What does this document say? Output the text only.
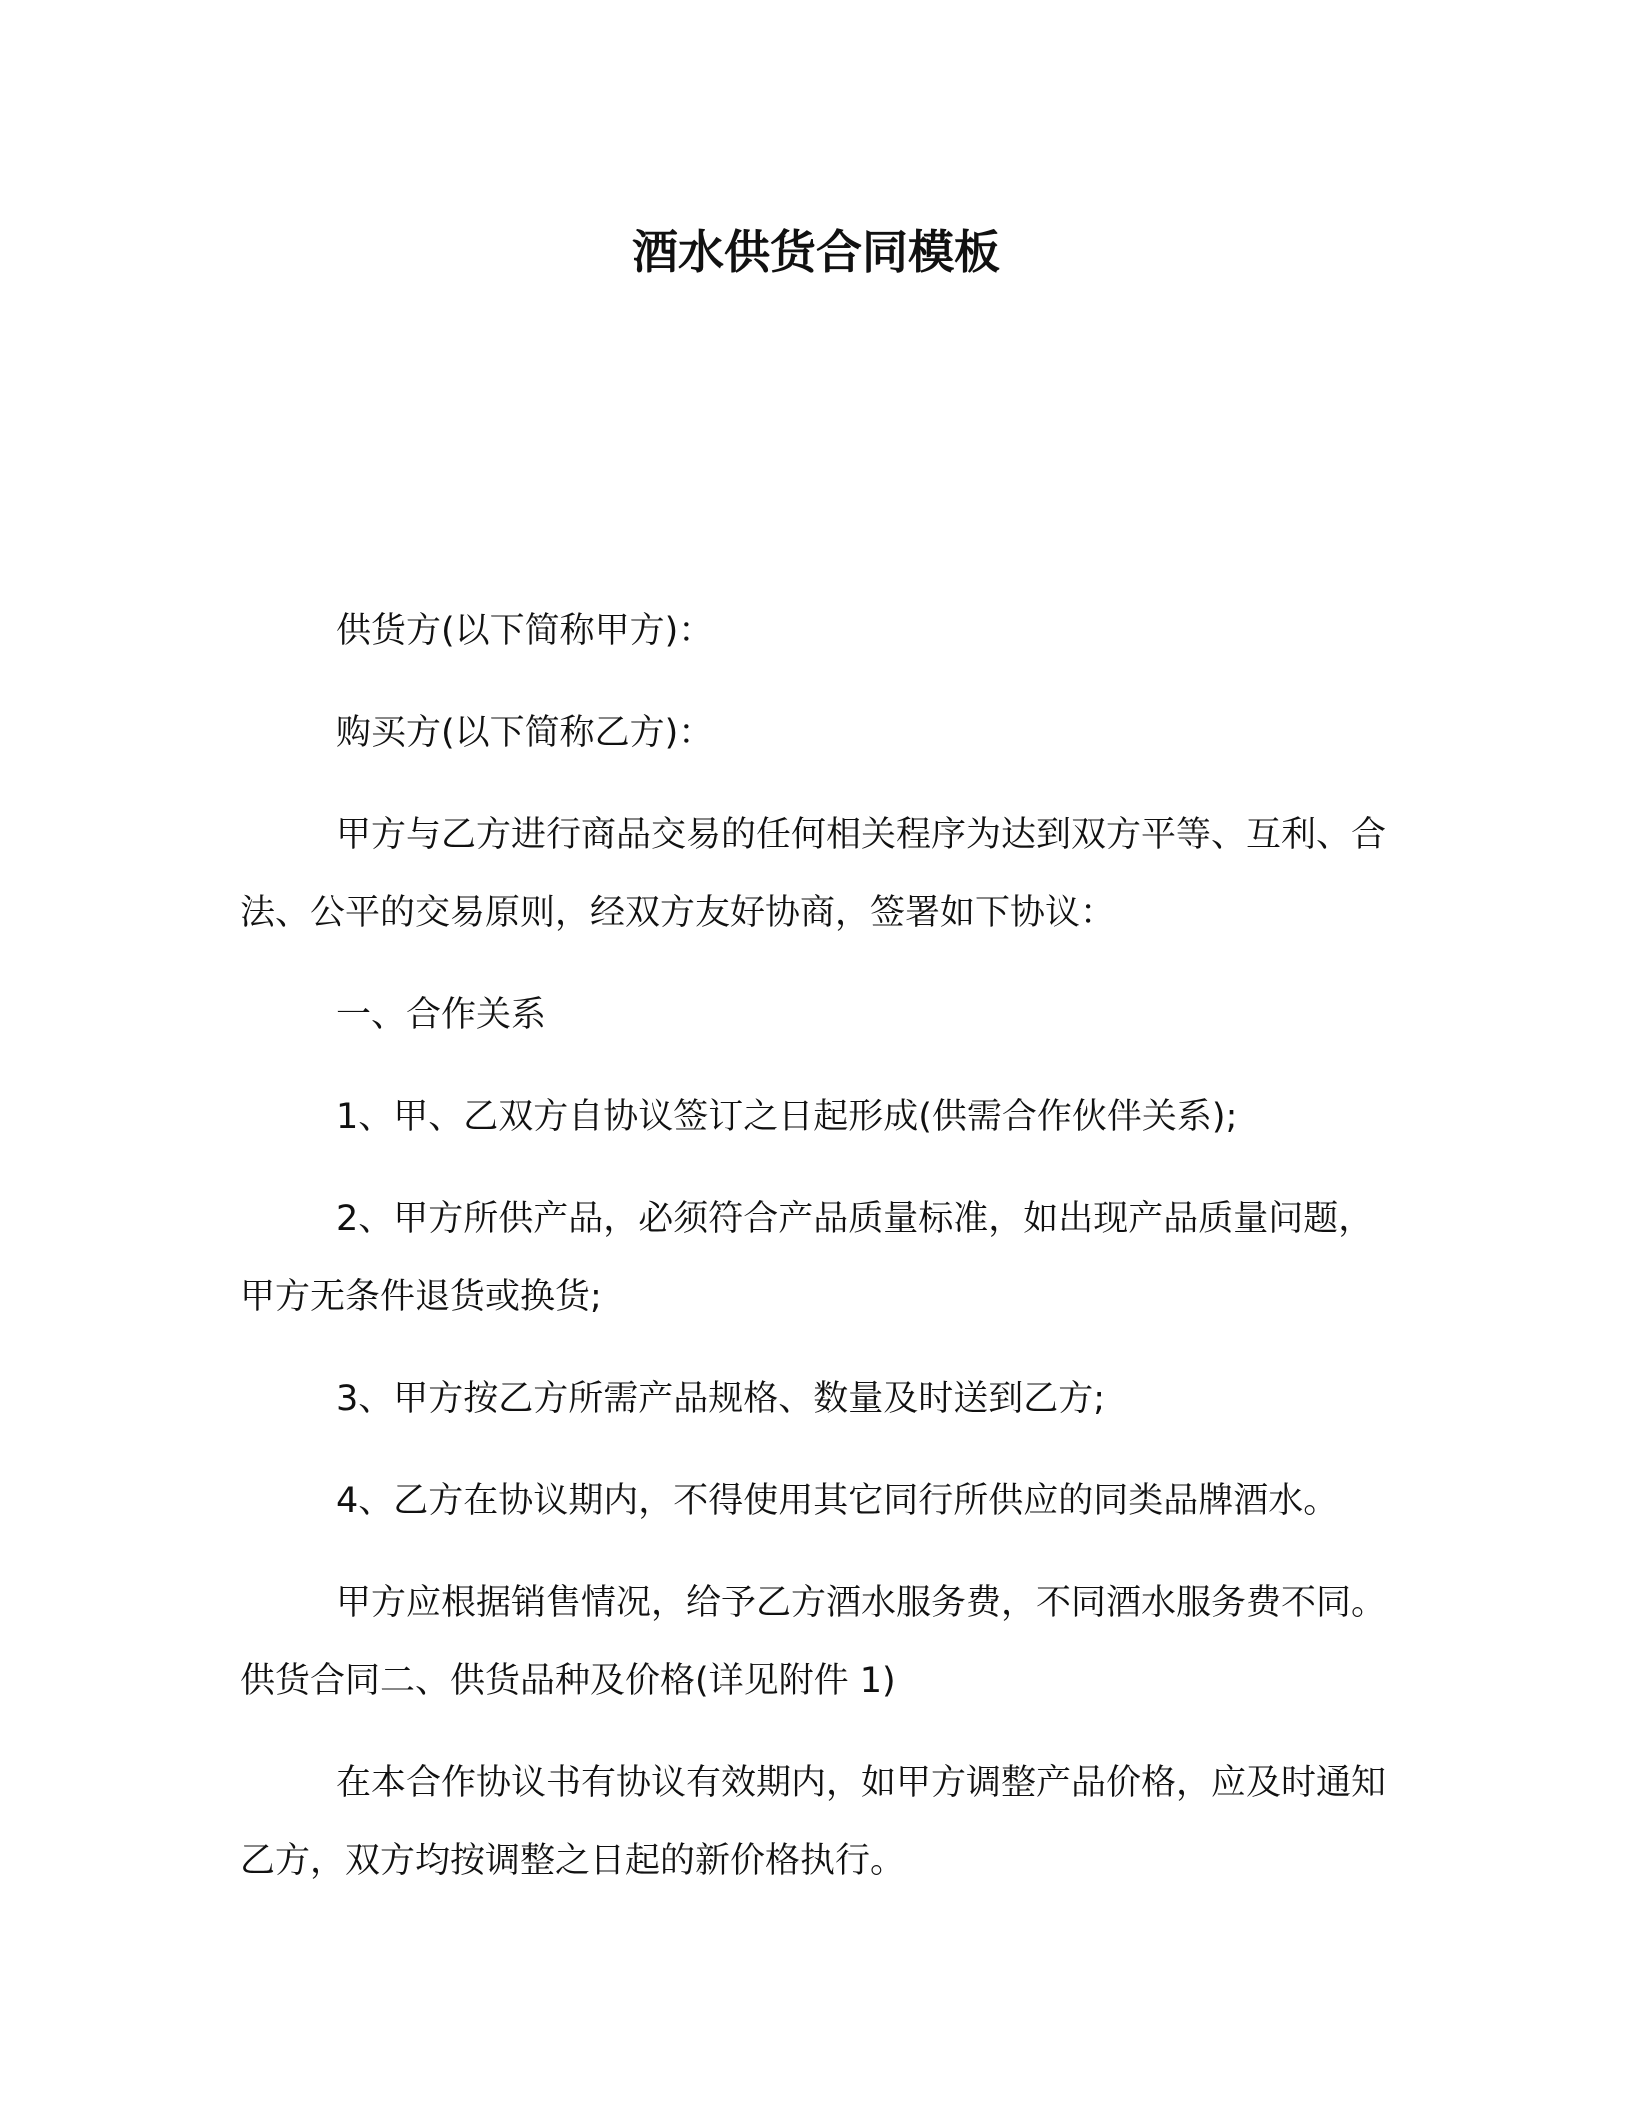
酒水供货合同模板

供货方(以下简称甲方)：

购买方(以下简称乙方)：

甲方与乙方进行商品交易的任何相关程序为达到双方平等、互利、合法、公平的交易原则，经双方友好协商，签署如下协议：

一、合作关系

1、甲、乙双方自协议签订之日起形成(供需合作伙伴关系);

2、甲方所供产品，必须符合产品质量标准，如出现产品质量问题，甲方无条件退货或换货;

3、甲方按乙方所需产品规格、数量及时送到乙方;

4、乙方在协议期内，不得使用其它同行所供应的同类品牌酒水。

甲方应根据销售情况，给予乙方酒水服务费，不同酒水服务费不同。供货合同二、供货品种及价格(详见附件 1)

在本合作协议书有协议有效期内，如甲方调整产品价格，应及时通知乙方，双方均按调整之日起的新价格执行。
